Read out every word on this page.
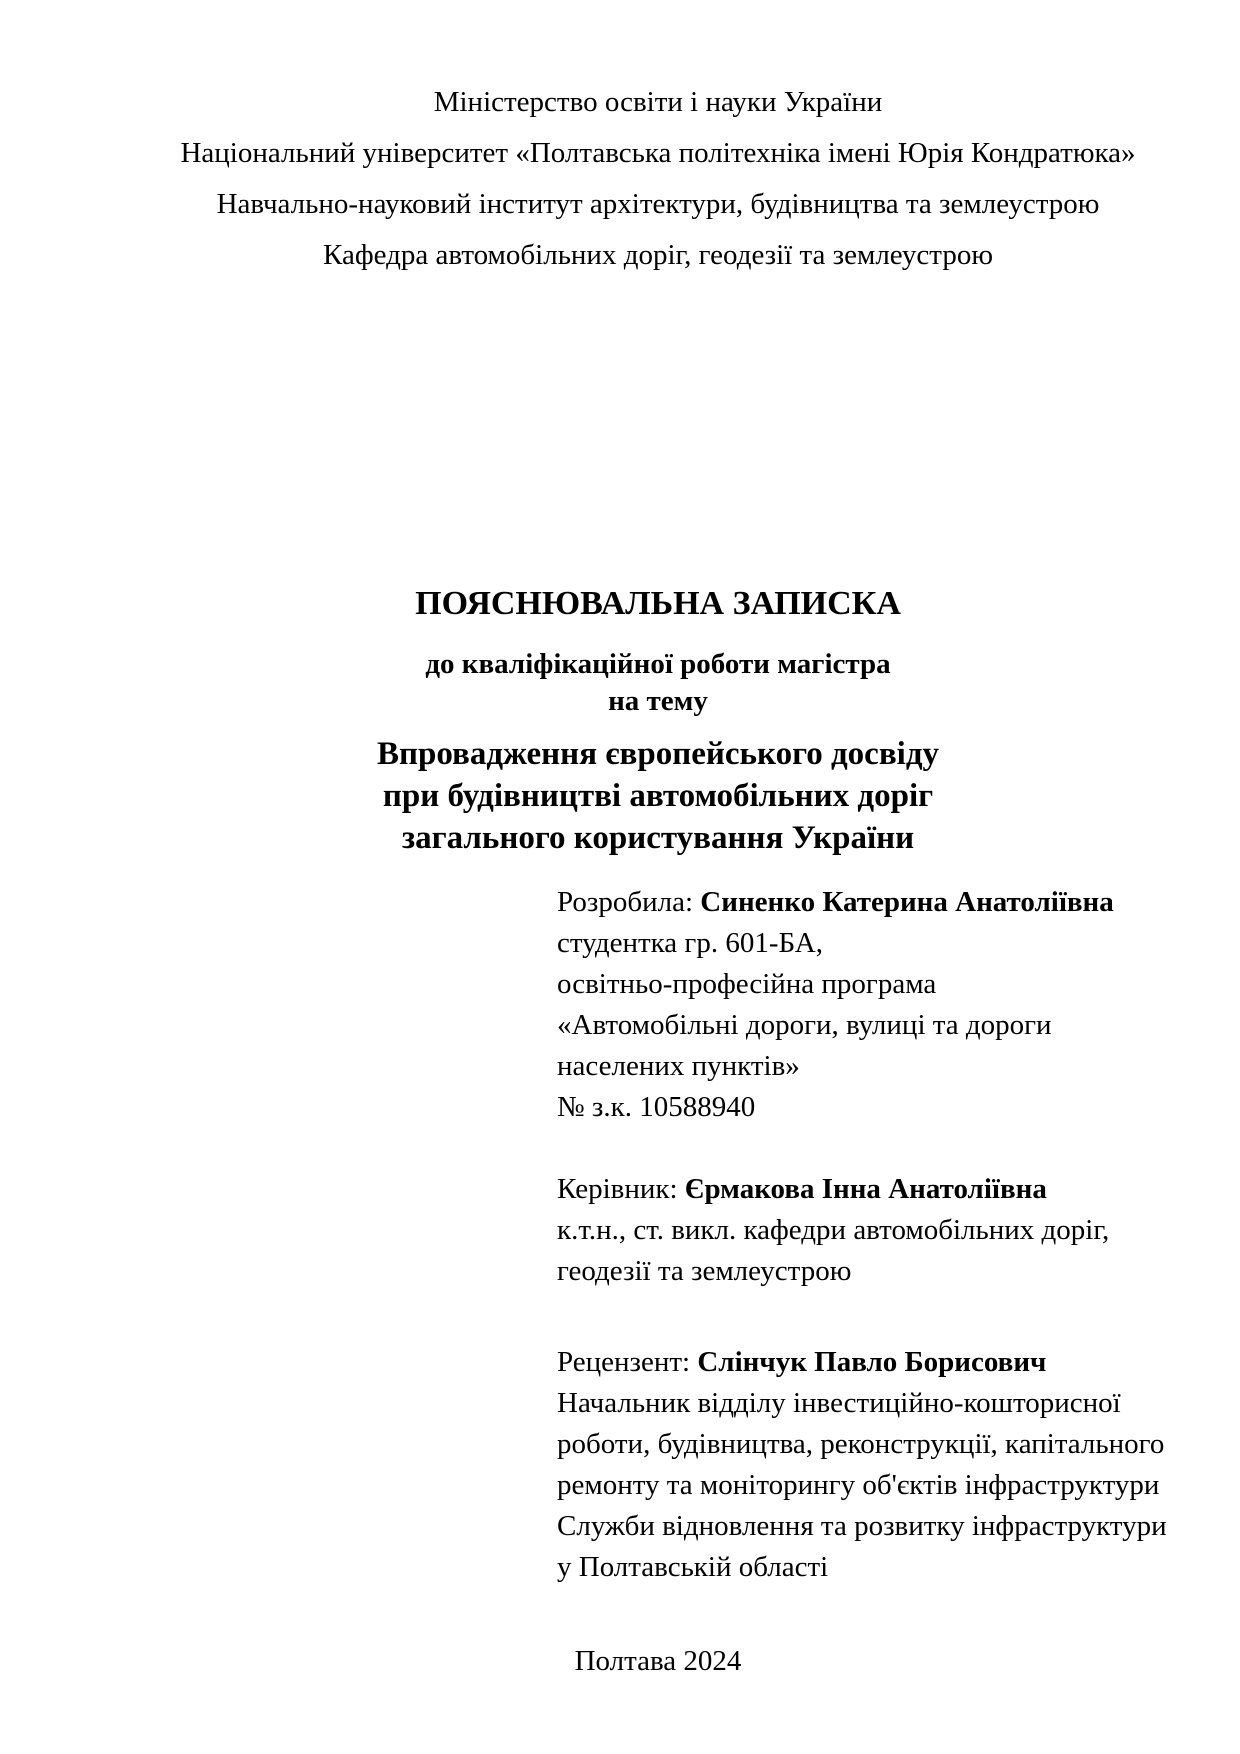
Міністерство освіти і науки України
Національний університет «Полтавська політехніка імені Юрія Кондратюка»
Навчально-науковий інститут архітектури, будівництва та землеустрою
Кафедра автомобільних доріг, геодезії та землеустрою
ПОЯСНЮВАЛЬНА ЗАПИСКА
до кваліфікаційної роботи магістра
на тему
Впровадження європейського досвіду
при будівництві автомобільних доріг
загального користування України
Розробила: Синенко Катерина Анатоліївна
студентка гр. 601-БА,
освітньо-професійна програма
«Автомобільні дороги, вулиці та дороги
населених пунктів»
№ з.к. 10588940
Керівник: Єрмакова Інна Анатоліївна
к.т.н., ст. викл. кафедри автомобільних доріг,
геодезії та землеустрою
Рецензент: Слінчук Павло Борисович
Начальник відділу інвестиційно-кошторисної
роботи, будівництва, реконструкції, капітального
ремонту та моніторингу об'єктів інфраструктури
Служби відновлення та розвитку інфраструктури
у Полтавській області
Полтава 2024
